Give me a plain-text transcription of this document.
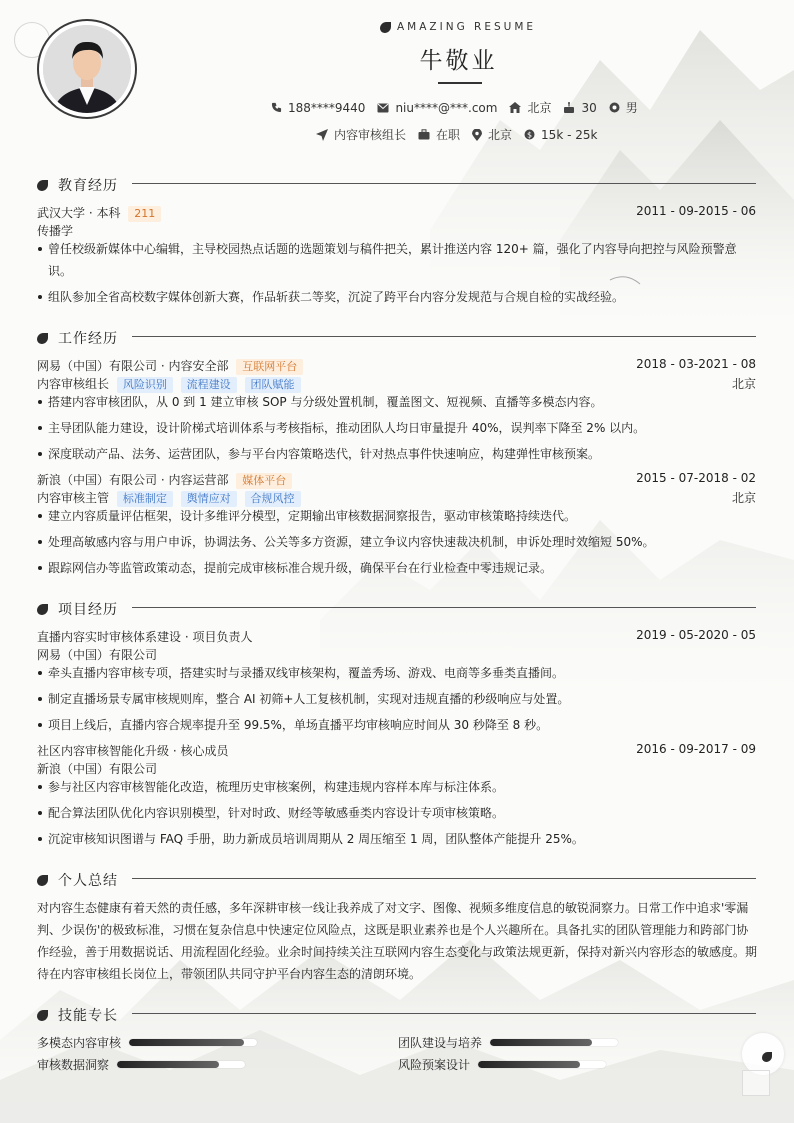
AMAZING RESUME
牛敬业
188****9440	niu****@***.com	北京	30 男
内容审核组长	在职 北京 $ 15k - 25k
教育经历
武汉大学 · 本科 211	2011 - 09-2015 - 06
传播学
曾任校级新媒体中心编辑，主导校园热点话题的选题策划与稿件把关，累计推送内容 120+ 篇，强化了内容导向把控与风险预警意识。
组队参加全省高校数字媒体创新大赛，作品斩获二等奖，沉淀了跨平台内容分发规范与合规自检的实战经验。
工作经历
网易（中国）有限公司 · 内容安全部 互联网平台	2018 - 03-2021 - 08
内容审核组长 风险识别 流程建设 团队赋能	北京
搭建内容审核团队，从 0 到 1 建立审核 SOP 与分级处置机制，覆盖图文、短视频、直播等多模态内容。
主导团队能力建设，设计阶梯式培训体系与考核指标，推动团队人均日审量提升 40%，误判率下降至 2% 以内。
深度联动产品、法务、运营团队，参与平台内容策略迭代，针对热点事件快速响应，构建弹性审核预案。
新浪（中国）有限公司 · 内容运营部 媒体平台	2015 - 07-2018 - 02
内容审核主管 标准制定 舆情应对 合规风控	北京
建立内容质量评估框架，设计多维评分模型，定期输出审核数据洞察报告，驱动审核策略持续迭代。
处理高敏感内容与用户申诉，协调法务、公关等多方资源，建立争议内容快速裁决机制，申诉处理时效缩短 50%。
跟踪网信办等监管政策动态，提前完成审核标准合规升级，确保平台在行业检查中零违规记录。
项目经历
直播内容实时审核体系建设 · 项目负责人	2019 - 05-2020 - 05
网易（中国）有限公司
牵头直播内容审核专项，搭建实时与录播双线审核架构，覆盖秀场、游戏、电商等多垂类直播间。
制定直播场景专属审核规则库，整合 AI 初筛+人工复核机制，实现对违规直播的秒级响应与处置。
项目上线后，直播内容合规率提升至 99.5%，单场直播平均审核响应时间从 30 秒降至 8 秒。
社区内容审核智能化升级 · 核心成员	2016 - 09-2017 - 09
新浪（中国）有限公司
参与社区内容审核智能化改造，梳理历史审核案例，构建违规内容样本库与标注体系。
配合算法团队优化内容识别模型，针对时政、财经等敏感垂类内容设计专项审核策略。
沉淀审核知识图谱与 FAQ 手册，助力新成员培训周期从 2 周压缩至 1 周，团队整体产能提升 25%。
个人总结
对内容生态健康有着天然的责任感，多年深耕审核一线让我养成了对文字、图像、视频多维度信息的敏锐洞察力。日常工作中追求'零漏判、少误伤'的极致标准，习惯在复杂信息中快速定位风险点，这既是职业素养也是个人兴趣所在。具备扎实的团队管理能力和跨部门协作经验，善于用数据说话、用流程固化经验。业余时间持续关注互联网内容生态变化与政策法规更新，保持对新兴内容形态的敏感度。期待在内容审核组长岗位上，带领团队共同守护平台内容生态的清朗环境。
技能专长
多模态内容审核	团队建设与培养
审核数据洞察	风险预案设计
